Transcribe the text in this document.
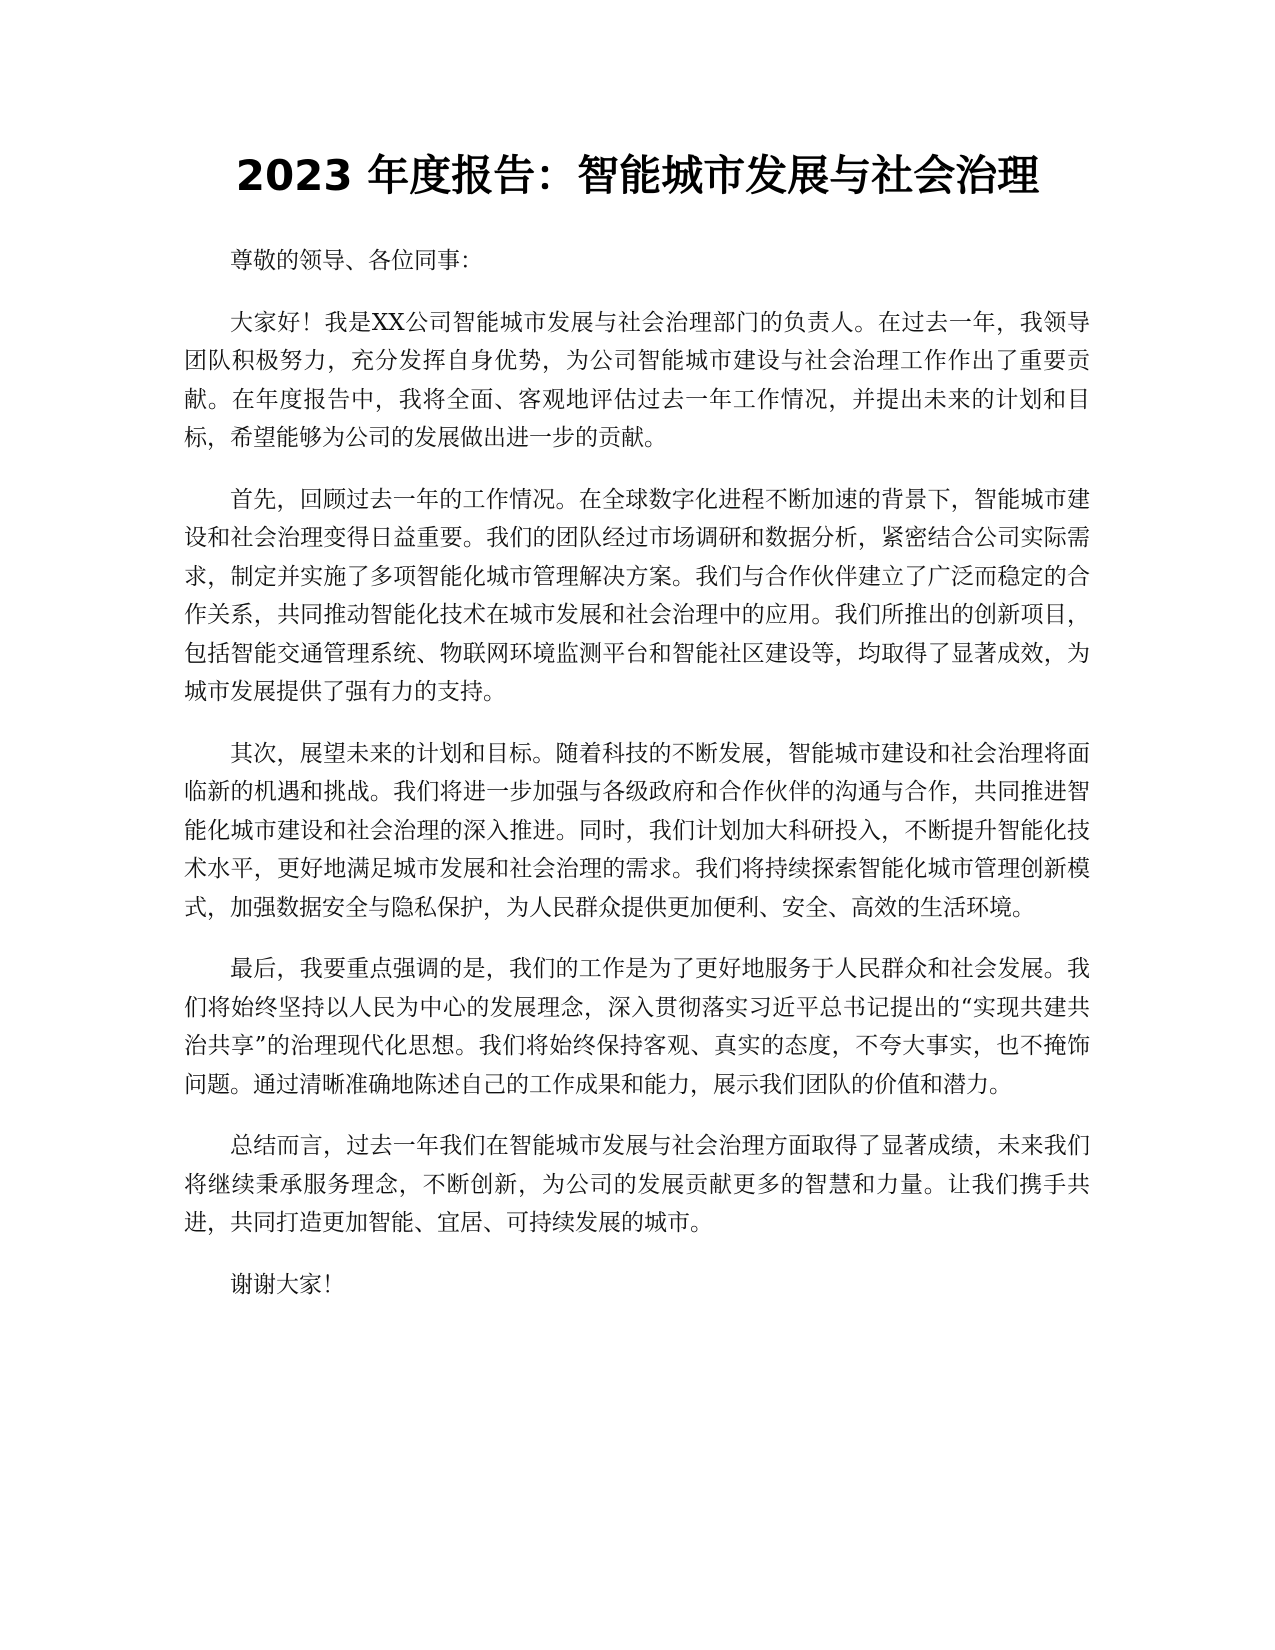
2023 年度报告：智能城市发展与社会治理

尊敬的领导、各位同事：

大家好！我是XX公司智能城市发展与社会治理部门的负责人。在过去一年，我领导团队积极努力，充分发挥自身优势，为公司智能城市建设与社会治理工作作出了重要贡献。在年度报告中，我将全面、客观地评估过去一年工作情况，并提出未来的计划和目标，希望能够为公司的发展做出进一步的贡献。

首先，回顾过去一年的工作情况。在全球数字化进程不断加速的背景下，智能城市建设和社会治理变得日益重要。我们的团队经过市场调研和数据分析，紧密结合公司实际需求，制定并实施了多项智能化城市管理解决方案。我们与合作伙伴建立了广泛而稳定的合作关系，共同推动智能化技术在城市发展和社会治理中的应用。我们所推出的创新项目，包括智能交通管理系统、物联网环境监测平台和智能社区建设等，均取得了显著成效，为城市发展提供了强有力的支持。

其次，展望未来的计划和目标。随着科技的不断发展，智能城市建设和社会治理将面临新的机遇和挑战。我们将进一步加强与各级政府和合作伙伴的沟通与合作，共同推进智能化城市建设和社会治理的深入推进。同时，我们计划加大科研投入，不断提升智能化技术水平，更好地满足城市发展和社会治理的需求。我们将持续探索智能化城市管理创新模式，加强数据安全与隐私保护，为人民群众提供更加便利、安全、高效的生活环境。

最后，我要重点强调的是，我们的工作是为了更好地服务于人民群众和社会发展。我们将始终坚持以人民为中心的发展理念，深入贯彻落实习近平总书记提出的“实现共建共治共享”的治理现代化思想。我们将始终保持客观、真实的态度，不夸大事实，也不掩饰问题。通过清晰准确地陈述自己的工作成果和能力，展示我们团队的价值和潜力。

总结而言，过去一年我们在智能城市发展与社会治理方面取得了显著成绩，未来我们将继续秉承服务理念，不断创新，为公司的发展贡献更多的智慧和力量。让我们携手共进，共同打造更加智能、宜居、可持续发展的城市。

谢谢大家！
